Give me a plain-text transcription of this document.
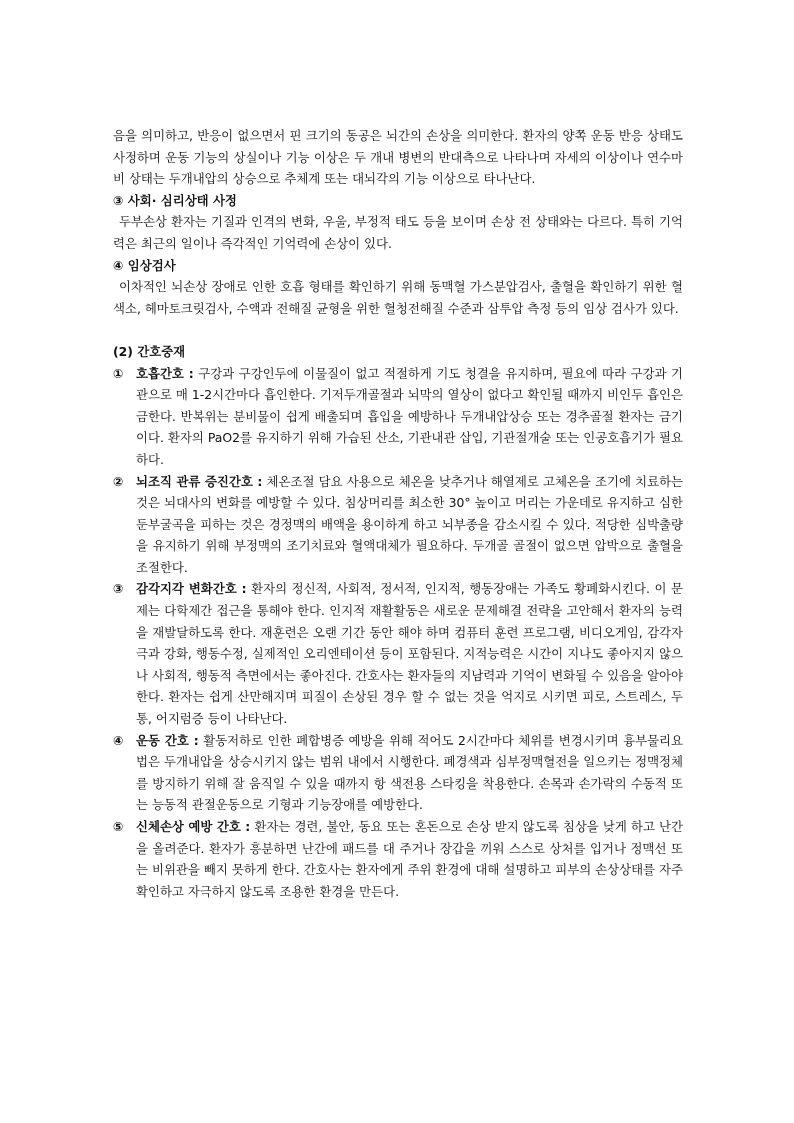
음을 의미하고, 반응이 없으면서 핀 크기의 동공은 뇌간의 손상을 의미한다. 환자의 양쪽 운동 반응 상태도 사정하며 운동 기능의 상실이나 기능 이상은 두 개내 병변의 반대측으로 나타나며 자세의 이상이나 연수마비 상태는 두개내압의 상승으로 추체계 또는 대뇌각의 기능 이상으로 타나난다.

③ 사회· 심리상태 사정

두부손상 환자는 기질과 인격의 변화, 우울, 부정적 태도 등을 보이며 손상 전 상태와는 다르다. 특히 기억력은 최근의 일이나 즉각적인 기억력에 손상이 있다.

④ 임상검사

이차적인 뇌손상 장애로 인한 호흡 형태를 확인하기 위해 동맥혈 가스분압검사, 출혈을 확인하기 위한 혈색소, 헤마토크릿검사, 수액과 전해질 균형을 위한 혈청전해질 수준과 삼투압 측정 등의 임상 검사가 있다.

(2) 간호중재

① 호흡간호 : 구강과 구강인두에 이물질이 없고 적절하게 기도 청결을 유지하며, 필요에 따라 구강과 기관으로 매 1-2시간마다 흡인한다. 기저두개골절과 뇌막의 열상이 없다고 확인될 때까지 비인두 흡인은 금한다. 반복위는 분비물이 쉽게 배출되며 흡입을 예방하나 두개내압상승 또는 경추골절 환자는 금기이다. 환자의 PaO2를 유지하기 위해 가습된 산소, 기관내관 삽입, 기관절개술 또는 인공호흡기가 필요하다.
② 뇌조직 관류 증진간호 : 체온조절 담요 사용으로 체온을 낮추거나 해열제로 고체온을 조기에 치료하는 것은 뇌대사의 변화를 예방할 수 있다. 침상머리를 최소한 30° 높이고 머리는 가운데로 유지하고 심한 둔부굴곡을 피하는 것은 경정맥의 배액을 용이하게 하고 뇌부종을 감소시킬 수 있다. 적당한 심박출량을 유지하기 위해 부정맥의 조기치료와 혈액대체가 필요하다. 두개골 골절이 없으면 압박으로 출혈을 조절한다.
③ 감각지각 변화간호 : 환자의 정신적, 사회적, 정서적, 인지적, 행동장애는 가족도 황폐화시킨다. 이 문제는 다학제간 접근을 통해야 한다. 인지적 재활활동은 새로운 문제해결 전략을 고안해서 환자의 능력을 재발달하도록 한다. 재훈련은 오랜 기간 동안 해야 하며 컴퓨터 훈련 프로그램, 비디오게임, 감각자극과 강화, 행동수정, 실제적인 오리엔테이션 등이 포함된다. 지적능력은 시간이 지나도 좋아지지 않으나 사회적, 행동적 측면에서는 좋아진다. 간호사는 환자들의 지남력과 기억이 변화될 수 있음을 알아야한다. 환자는 쉽게 산만해지며 피질이 손상된 경우 할 수 없는 것을 억지로 시키면 피로, 스트레스, 두통, 어지럼증 등이 나타난다.
④ 운동 간호 : 활동저하로 인한 폐합병증 예방을 위해 적어도 2시간마다 체위를 변경시키며 흉부물리요법은 두개내압을 상승시키지 않는 범위 내에서 시행한다. 폐경색과 심부정맥혈전을 일으키는 정맥정체를 방지하기 위해 잘 움직일 수 있을 때까지 항 색전용 스타킹을 착용한다. 손목과 손가락의 수동적 또는 능동적 관절운동으로 기형과 기능장애를 예방한다.
⑤ 신체손상 예방 간호 : 환자는 경련, 불안, 동요 또는 혼돈으로 손상 받지 않도록 침상을 낮게 하고 난간을 올려준다. 환자가 흥분하면 난간에 패드를 대 주거나 장갑을 끼워 스스로 상처를 입거나 정맥선 또는 비위관을 빼지 못하게 한다. 간호사는 환자에게 주위 환경에 대해 설명하고 피부의 손상상태를 자주 확인하고 자극하지 않도록 조용한 환경을 만든다.
